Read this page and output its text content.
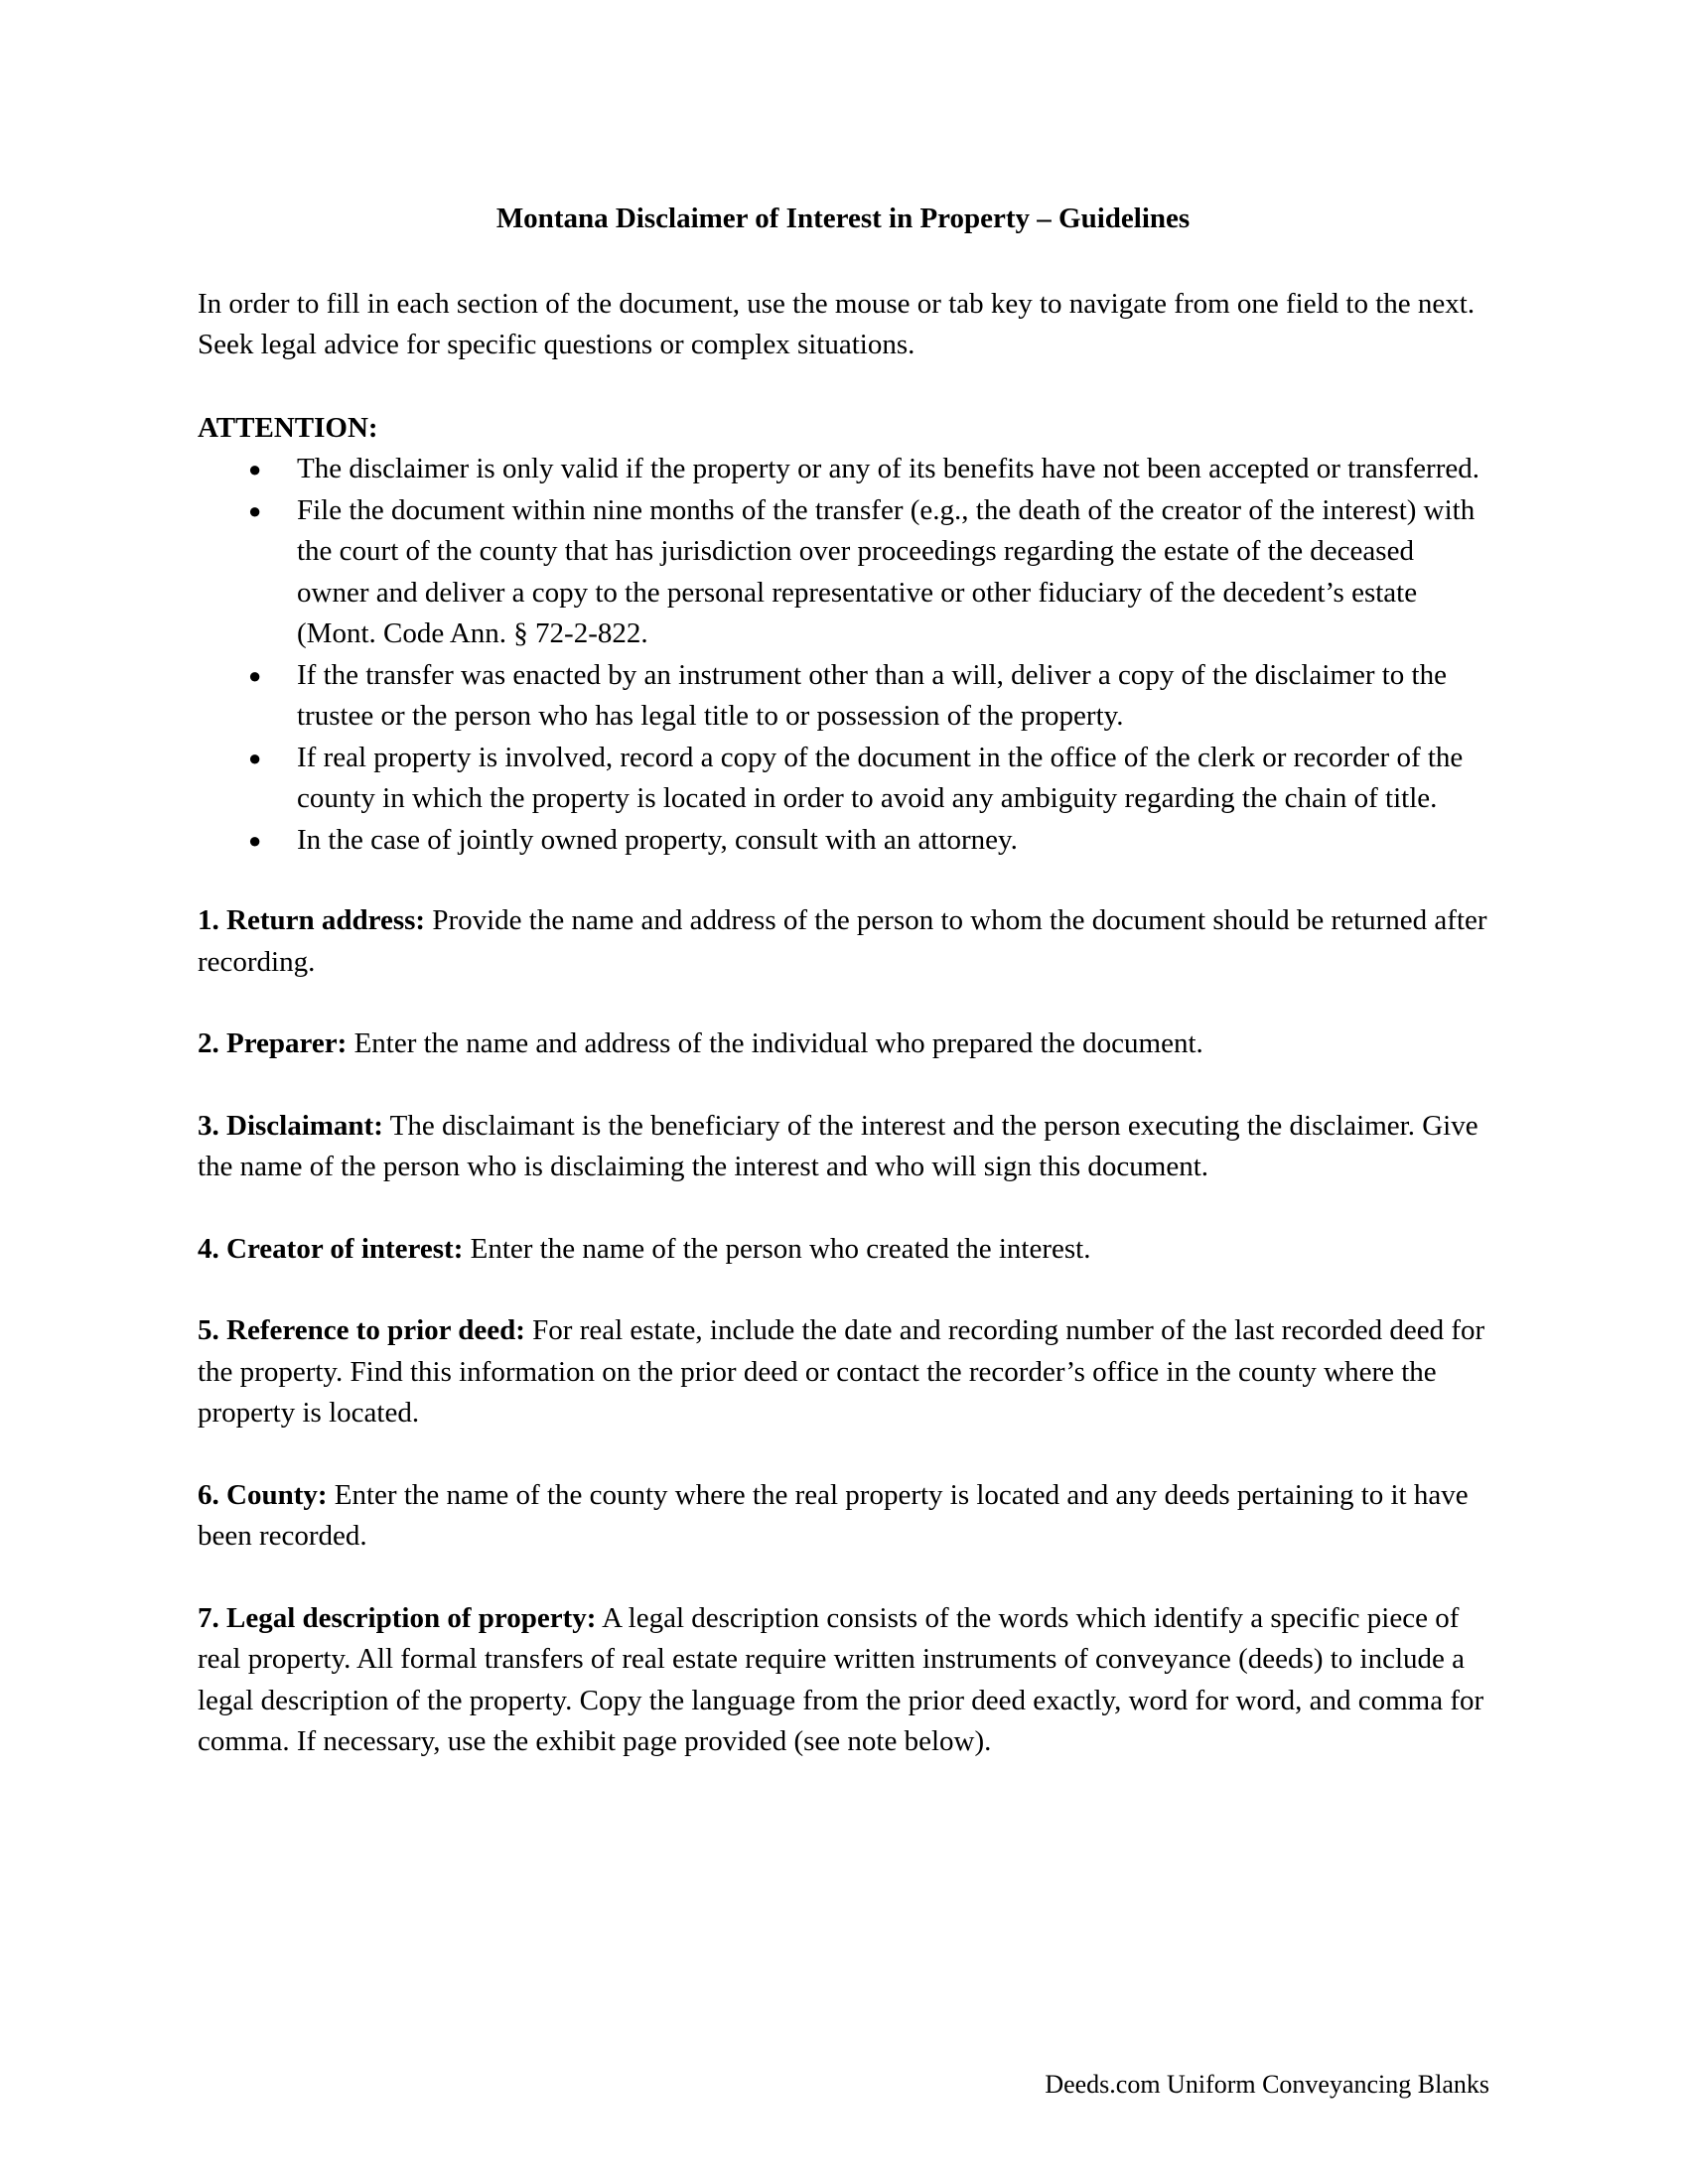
Montana Disclaimer of Interest in Property – Guidelines

In order to fill in each section of the document, use the mouse or tab key to navigate from one field to the next. Seek legal advice for specific questions or complex situations.

ATTENTION:

● The disclaimer is only valid if the property or any of its benefits have not been accepted or transferred.
● File the document within nine months of the transfer (e.g., the death of the creator of the interest) with the court of the county that has jurisdiction over proceedings regarding the estate of the deceased owner and deliver a copy to the personal representative or other fiduciary of the decedent’s estate (Mont. Code Ann. § 72-2-822.
● If the transfer was enacted by an instrument other than a will, deliver a copy of the disclaimer to the trustee or the person who has legal title to or possession of the property.
● If real property is involved, record a copy of the document in the office of the clerk or recorder of the county in which the property is located in order to avoid any ambiguity regarding the chain of title.
● In the case of jointly owned property, consult with an attorney.

1. Return address: Provide the name and address of the person to whom the document should be returned after recording.

2. Preparer: Enter the name and address of the individual who prepared the document.

3. Disclaimant: The disclaimant is the beneficiary of the interest and the person executing the disclaimer. Give the name of the person who is disclaiming the interest and who will sign this document.

4. Creator of interest: Enter the name of the person who created the interest.

5. Reference to prior deed: For real estate, include the date and recording number of the last recorded deed for the property. Find this information on the prior deed or contact the recorder’s office in the county where the property is located.

6. County: Enter the name of the county where the real property is located and any deeds pertaining to it have been recorded.

7. Legal description of property: A legal description consists of the words which identify a specific piece of real property. All formal transfers of real estate require written instruments of conveyance (deeds) to include a legal description of the property. Copy the language from the prior deed exactly, word for word, and comma for comma. If necessary, use the exhibit page provided (see note below).

Deeds.com Uniform Conveyancing Blanks
